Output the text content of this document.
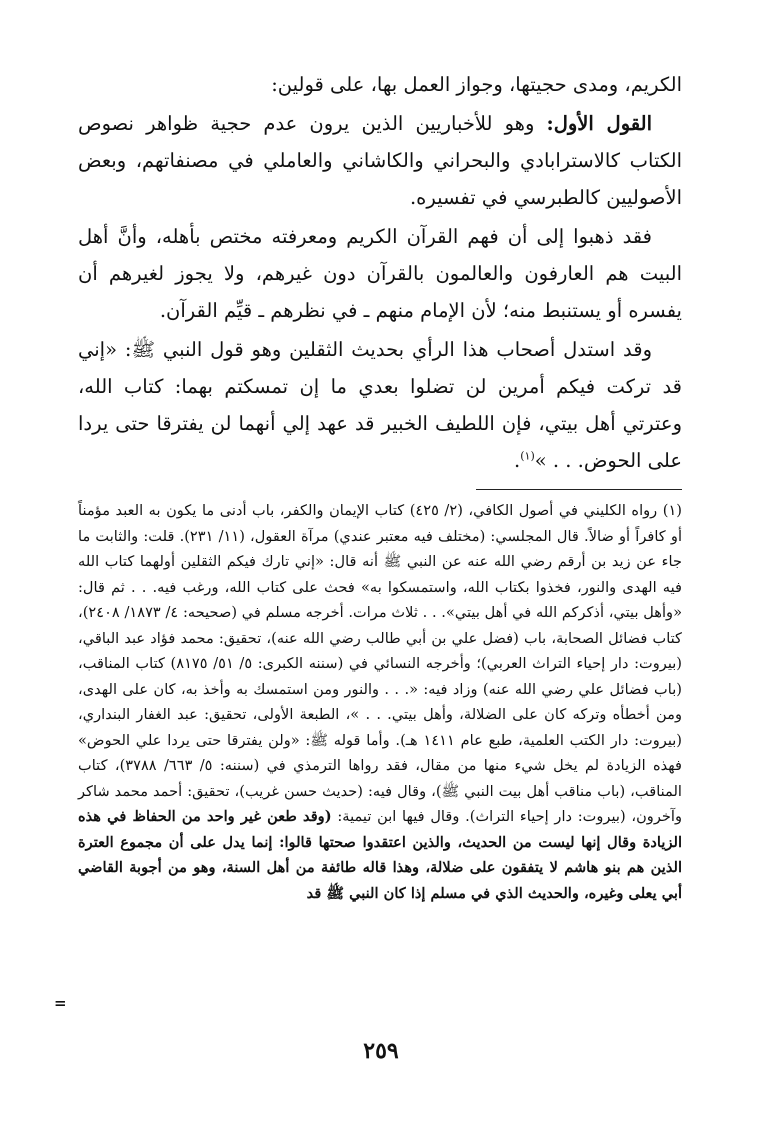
الكريم، ومدى حجيتها، وجواز العمل بها، على قولين:

القول الأول: وهو للأخباريين الذين يرون عدم حجية ظواهر نصوص الكتاب كالاسترابادي والبحراني والكاشاني والعاملي في مصنفاتهم، وبعض الأصوليين كالطبرسي في تفسيره.

فقد ذهبوا إلى أن فهم القرآن الكريم ومعرفته مختص بأهله، وأنَّ أهل البيت هم العارفون والعالمون بالقرآن دون غيرهم، ولا يجوز لغيرهم أن يفسره أو يستنبط منه؛ لأن الإمام منهم ـ في نظرهم ـ قيِّم القرآن.

وقد استدل أصحاب هذا الرأي بحديث الثقلين وهو قول النبي ﷺ: «إني قد تركت فيكم أمرين لن تضلوا بعدي ما إن تمسكتم بهما: كتاب الله، وعترتي أهل بيتي، فإن اللطيف الخبير قد عهد إلي أنهما لن يفترقا حتى يردا على الحوض. . . »$^{(١)}$.

(١) رواه الكليني في أصول الكافي، (٢/ ٤٢٥) كتاب الإيمان والكفر، باب أدنى ما يكون به العبد مؤمناً أو كافراً أو ضالاً. قال المجلسي: (مختلف فيه معتبر عندي) مرآة العقول، (١١/ ٢٣١). قلت: والثابت ما جاء عن زيد بن أرقم رضي الله عنه عن النبي ﷺ أنه قال: «إني تارك فيكم الثقلين أولهما كتاب الله فيه الهدى والنور، فخذوا بكتاب الله، واستمسكوا به» فحث على كتاب الله، ورغب فيه. . . ثم قال: «وأهل بيتي، أذكركم الله في أهل بيتي». . . ثلاث مرات. أخرجه مسلم في (صحيحه: ٤/ ١٨٧٣/ ٢٤٠٨)، كتاب فضائل الصحابة، باب (فضل علي بن أبي طالب رضي الله عنه)، تحقيق: محمد فؤاد عبد الباقي، (بيروت: دار إحياء التراث العربي)؛ وأخرجه النسائي في (سننه الكبرى: ٥/ ٥١/ ٨١٧٥) كتاب المناقب، (باب فضائل علي رضي الله عنه) وزاد فيه: «. . . والنور ومن استمسك به وأخذ به، كان على الهدى، ومن أخطأه وتركه كان على الضلالة، وأهل بيتي. . . »، الطبعة الأولى، تحقيق: عبد الغفار البنداري، (بيروت: دار الكتب العلمية، طبع عام ١٤١١ هـ). وأما قوله ﷺ: «ولن يفترقا حتى يردا علي الحوض» فهذه الزيادة لم يخل شيء منها من مقال، فقد رواها الترمذي في (سننه: ٥/ ٦٦٣/ ٣٧٨٨)، كتاب المناقب، (باب مناقب أهل بيت النبي ﷺ)، وقال فيه: (حديث حسن غريب)، تحقيق: أحمد محمد شاكر وآخرون، (بيروت: دار إحياء التراث). وقال فيها ابن تيمية: (وقد طعن غير واحد من الحفاظ في هذه الزيادة وقال إنها ليست من الحديث، والذين اعتقدوا صحتها قالوا: إنما يدل على أن مجموع العترة الذين هم بنو هاشم لا يتفقون على ضلالة، وهذا قاله طائفة من أهل السنة، وهو من أجوبة القاضي أبي يعلى وغيره، والحديث الذي في مسلم إذا كان النبي ﷺ قد

=
٢٥٩
